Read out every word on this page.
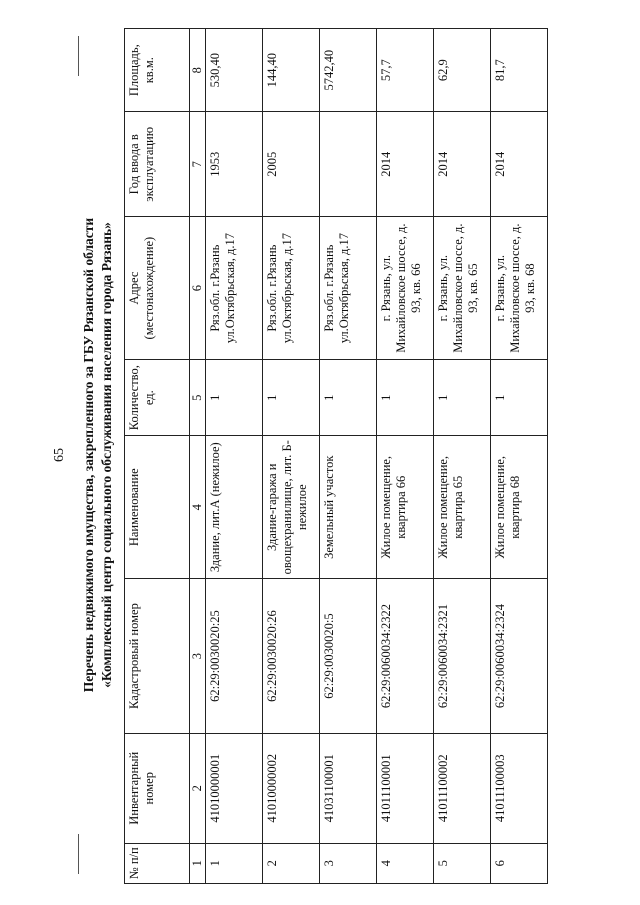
65 Перечень недвижимого имущества, закрепленного за ГБУ Рязанской области «Комплексный центр социального обслуживания населения города Рязань»
№ п/п	Инвентарный номер	Кадастровый номер	Наименование	Количество, ед.	Адрес (местонахождение)	Год ввода в эксплуатацию	Площадь, кв.м.
1	2	3	4	5	6	7	8
1	41010000001	62:29:0030020:25	Здание, лит.А (нежилое)	1	Ряз.обл. г.Рязань ул.Октябрьская, д.17	1953	530,40
2	41010000002	62:29:0030020:26	Здание-гаража и овощехранилище, лит. Б-нежилое	1	Ряз.обл. г.Рязань ул.Октябрьская, д.17	2005	144,40
3	41031100001	62:29:0030020:5	Земельный участок	1	Ряз.обл. г.Рязань ул.Октябрьская, д.17		5742,40
4	41011100001	62:29:0060034:2322	Жилое помещение, квартира 66	1	г. Рязань, ул. Михайловское шоссе, д. 93, кв. 66	2014	57,7
5	41011100002	62:29:0060034:2321	Жилое помещение, квартира 65	1	г. Рязань, ул. Михайловское шоссе, д. 93, кв. 65	2014	62,9
6	41011100003	62:29:0060034:2324	Жилое помещение, квартира 68	1	г. Рязань, ул. Михайловское шоссе, д. 93, кв. 68	2014	81,7
